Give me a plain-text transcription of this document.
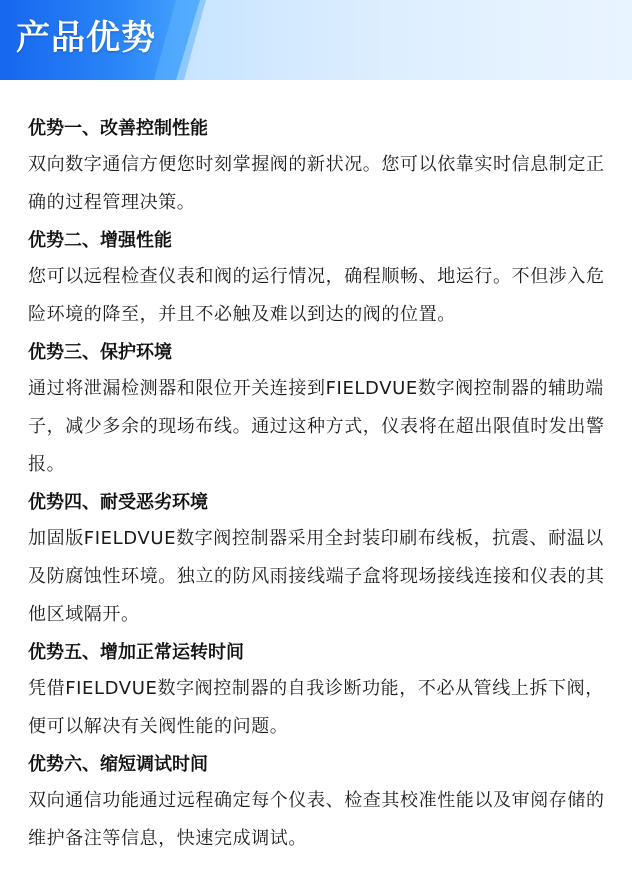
产品优势
优势一、改善控制性能
双向数字通信方便您时刻掌握阀的新状况。您可以依靠实时信息制定正确的过程管理决策。
优势二、增强性能
您可以远程检查仪表和阀的运行情况，确程顺畅、地运行。不但涉入危险环境的降至，并且不必触及难以到达的阀的位置。
优势三、保护环境
通过将泄漏检测器和限位开关连接到FIELDVUE数字阀控制器的辅助端子，减少多余的现场布线。通过这种方式，仪表将在超出限值时发出警报。
优势四、耐受恶劣环境
加固版FIELDVUE数字阀控制器采用全封装印刷布线板，抗震、耐温以及防腐蚀性环境。独立的防风雨接线端子盒将现场接线连接和仪表的其他区域隔开。
优势五、增加正常运转时间
凭借FIELDVUE数字阀控制器的自我诊断功能，不必从管线上拆下阀，便可以解决有关阀性能的问题。
优势六、缩短调试时间
双向通信功能通过远程确定每个仪表、检查其校准性能以及审阅存储的维护备注等信息，快速完成调试。
